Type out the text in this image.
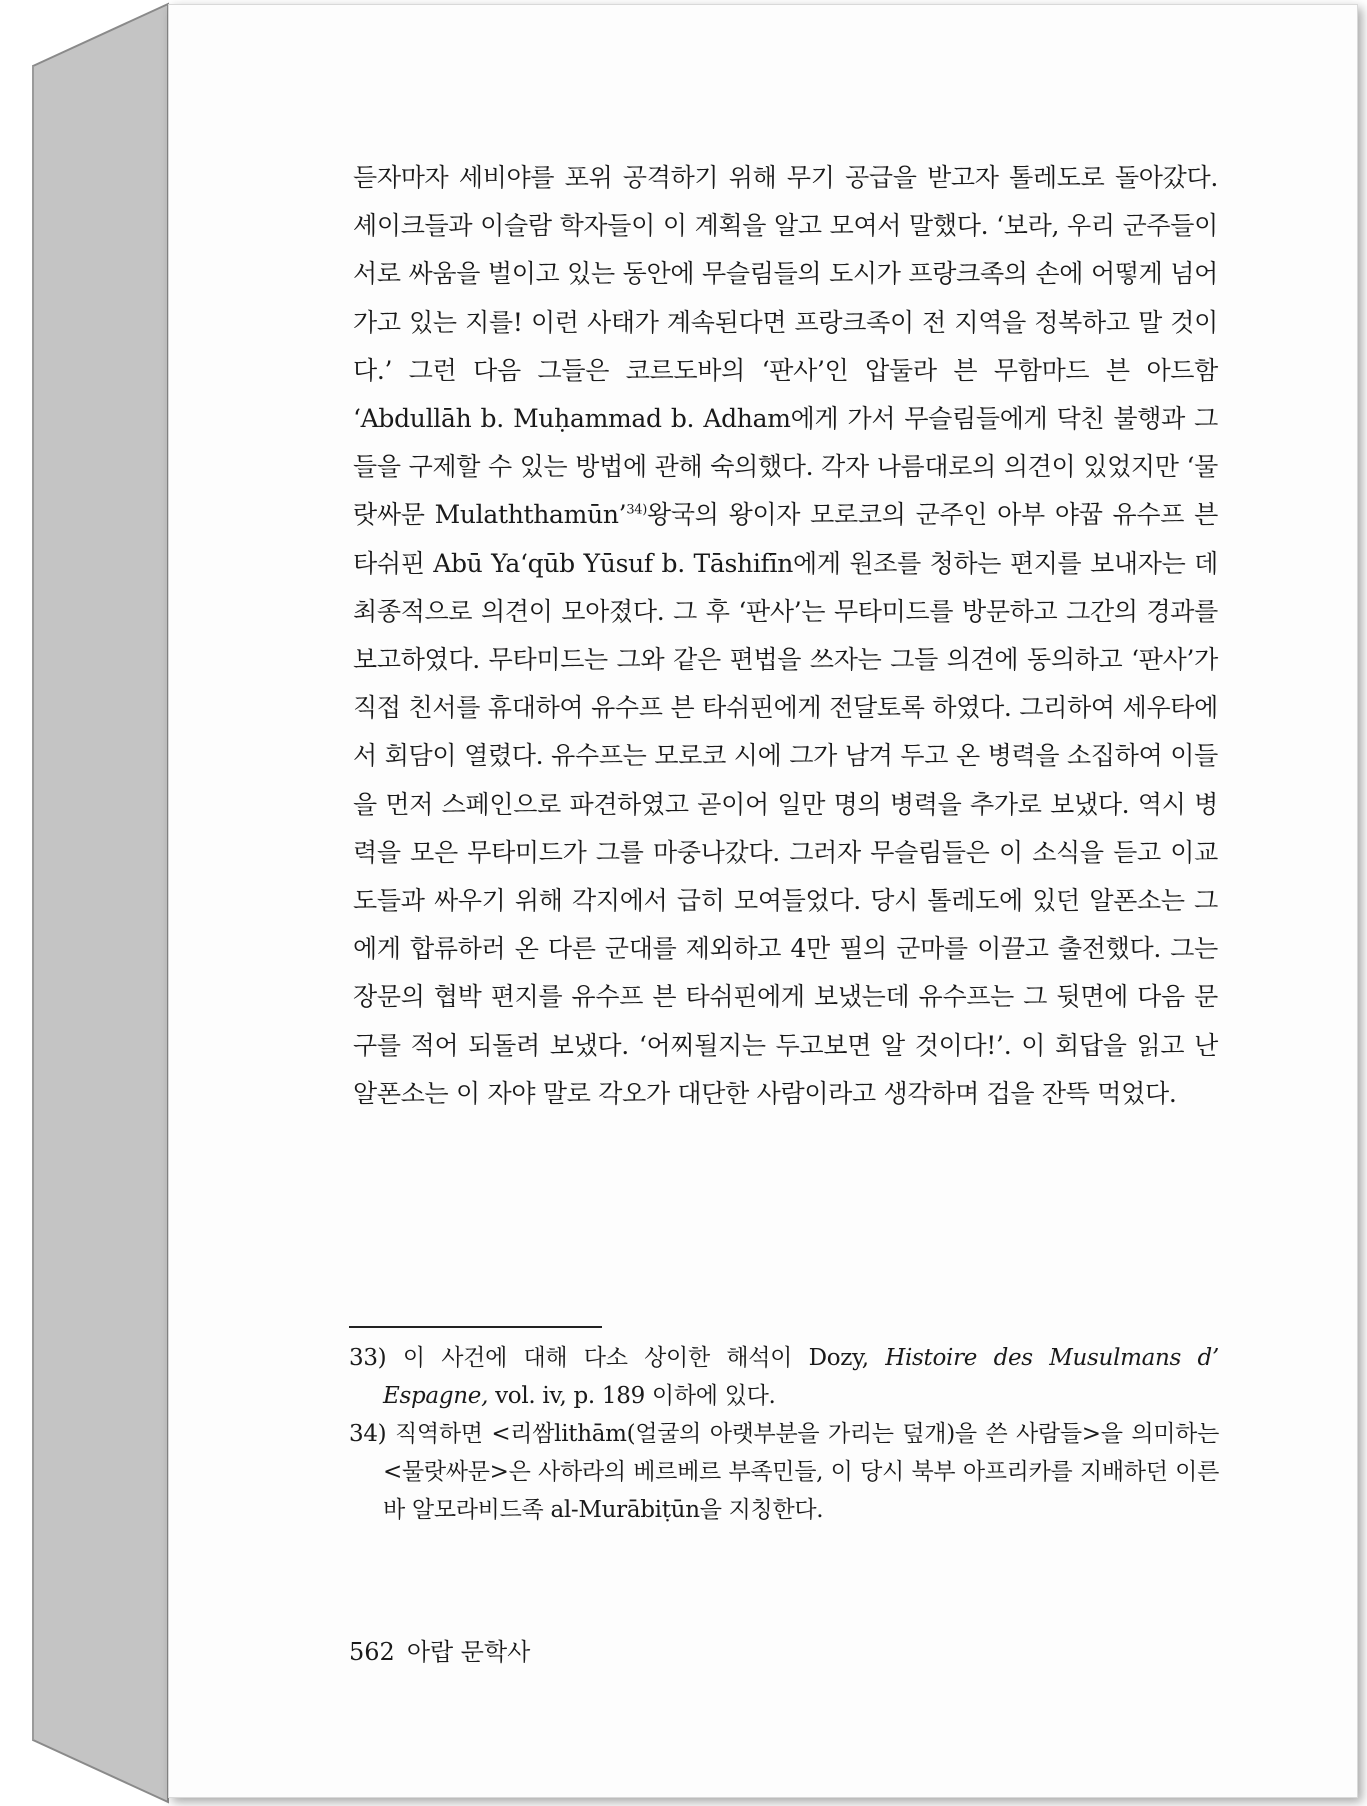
듣자마자 세비야를 포위 공격하기 위해 무기 공급을 받고자 톨레도로 돌아갔다. 셰이크들과 이슬람 학자들이 이 계획을 알고 모여서 말했다. ‘보라, 우리 군주들이 서로 싸움을 벌이고 있는 동안에 무슬림들의 도시가 프랑크족의 손에 어떻게 넘어가고 있는 지를! 이런 사태가 계속된다면 프랑크족이 전 지역을 정복하고 말 것이다.’ 그런 다음 그들은 코르도바의 ‘판사’인 압둘라 븐 무함마드 븐 아드함 ‘Abdullāh b. Muḥammad b. Adham에게 가서 무슬림들에게 닥친 불행과 그들을 구제할 수 있는 방법에 관해 숙의했다. 각자 나름대로의 의견이 있었지만 ‘물랏싸문 Mulaththamūn’$^{34)}$왕국의 왕이자 모로코의 군주인 아부 야꿉 유수프 븐 타쉬핀 Abū Ya‘qūb Yūsuf b. Tāshifīn에게 원조를 청하는 편지를 보내자는 데 최종적으로 의견이 모아졌다. 그 후 ‘판사’는 무타미드를 방문하고 그간의 경과를 보고하였다. 무타미드는 그와 같은 편법을 쓰자는 그들 의견에 동의하고 ‘판사’가 직접 친서를 휴대하여 유수프 븐 타쉬핀에게 전달토록 하였다. 그리하여 세우타에서 회담이 열렸다. 유수프는 모로코 시에 그가 남겨 두고 온 병력을 소집하여 이들을 먼저 스페인으로 파견하였고 곧이어 일만 명의 병력을 추가로 보냈다. 역시 병력을 모은 무타미드가 그를 마중나갔다. 그러자 무슬림들은 이 소식을 듣고 이교도들과 싸우기 위해 각지에서 급히 모여들었다. 당시 톨레도에 있던 알폰소는 그에게 합류하러 온 다른 군대를 제외하고 4만 필의 군마를 이끌고 출전했다. 그는 장문의 협박 편지를 유수프 븐 타쉬핀에게 보냈는데 유수프는 그 뒷면에 다음 문구를 적어 되돌려 보냈다. ‘어찌될지는 두고보면 알 것이다!’. 이 회답을 읽고 난 알폰소는 이 자야 말로 각오가 대단한 사람이라고 생각하며 겁을 잔뜩 먹었다.

33) 이 사건에 대해 다소 상이한 해석이 Dozy, Histoire des Musulmans d’ Espagne, vol. iv, p. 189 이하에 있다.

34) 직역하면 <리쌈lithām(얼굴의 아랫부분을 가리는 덮개)을 쓴 사람들>을 의미하는 <물랏싸문>은 사하라의 베르베르 부족민들, 이 당시 북부 아프리카를 지배하던 이른바 알모라비드족 al-Murābiṭūn을 지칭한다.

562 아랍 문학사
